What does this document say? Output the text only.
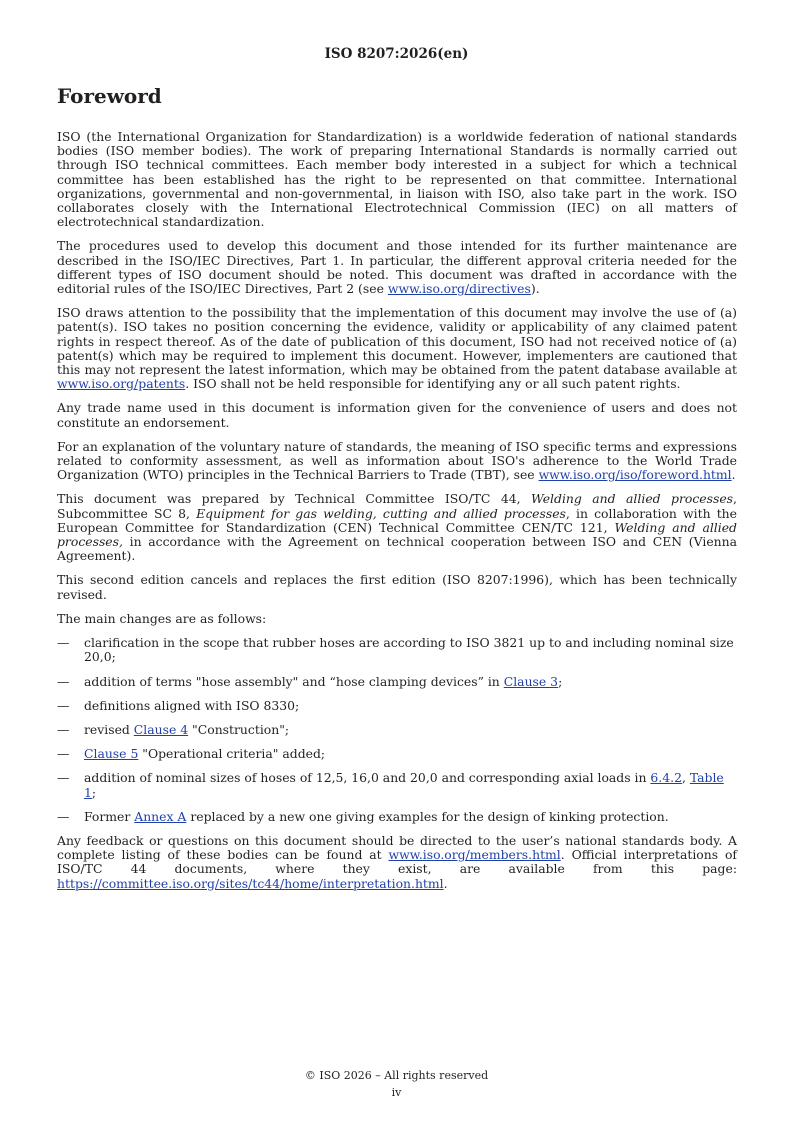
ISO 8207:2026(en)
Foreword

ISO (the International Organization for Standardization) is a worldwide federation of national standards bodies (ISO member bodies). The work of preparing International Standards is normally carried out through ISO technical committees. Each member body interested in a subject for which a technical committee has been established has the right to be represented on that committee. International organizations, governmental and non-governmental, in liaison with ISO, also take part in the work. ISO collaborates closely with the International Electrotechnical Commission (IEC) on all matters of electrotechnical standardization.

The procedures used to develop this document and those intended for its further maintenance are described in the ISO/IEC Directives, Part 1. In particular, the different approval criteria needed for the different types of ISO document should be noted. This document was drafted in accordance with the editorial rules of the ISO/IEC Directives, Part 2 (see www.iso.org/directives).

ISO draws attention to the possibility that the implementation of this document may involve the use of (a) patent(s). ISO takes no position concerning the evidence, validity or applicability of any claimed patent rights in respect thereof. As of the date of publication of this document, ISO had not received notice of (a) patent(s) which may be required to implement this document. However, implementers are cautioned that this may not represent the latest information, which may be obtained from the patent database available at www.iso.org/patents. ISO shall not be held responsible for identifying any or all such patent rights.

Any trade name used in this document is information given for the convenience of users and does not constitute an endorsement.

For an explanation of the voluntary nature of standards, the meaning of ISO specific terms and expressions related to conformity assessment, as well as information about ISO's adherence to the World Trade Organization (WTO) principles in the Technical Barriers to Trade (TBT), see www.iso.org/iso/foreword.html.

This document was prepared by Technical Committee ISO/TC 44, Welding and allied processes, Subcommittee SC 8, Equipment for gas welding, cutting and allied processes, in collaboration with the European Committee for Standardization (CEN) Technical Committee CEN/TC 121, Welding and allied processes, in accordance with the Agreement on technical cooperation between ISO and CEN (Vienna Agreement).

This second edition cancels and replaces the first edition (ISO 8207:1996), which has been technically revised.

The main changes are as follows:

—	clarification in the scope that rubber hoses are according to ISO 3821 up to and including nominal size 20,0;
—	addition of terms "hose assembly" and “hose clamping devices” in Clause 3;
—	definitions aligned with ISO 8330;
—	revised Clause 4 "Construction";
—	Clause 5 "Operational criteria" added;
—	addition of nominal sizes of hoses of 12,5, 16,0 and 20,0 and corresponding axial loads in 6.4.2, Table 1;
—	Former Annex A replaced by a new one giving examples for the design of kinking protection.

Any feedback or questions on this document should be directed to the user’s national standards body. A complete listing of these bodies can be found at www.iso.org/members.html. Official interpretations of ISO/TC 44 documents, where they exist, are available from this page: https://committee.iso.org/sites/tc44/home/interpretation.html.

© ISO 2026 – All rights reserved
iv
